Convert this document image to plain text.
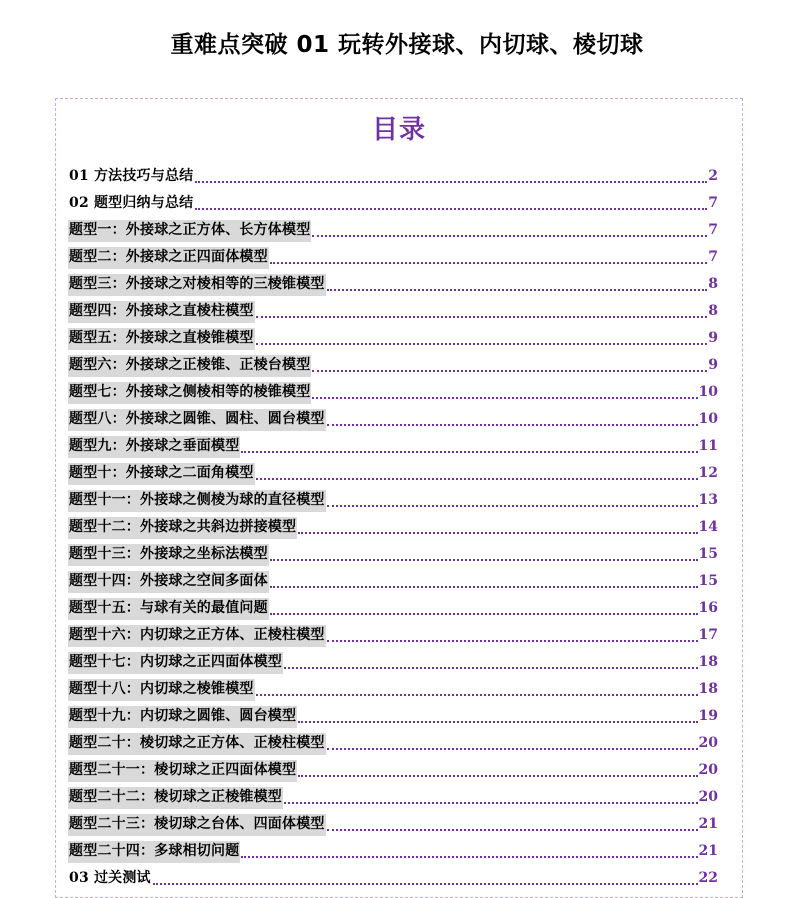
重难点突破 01 玩转外接球、内切球、棱切球
目录
01 方法技巧与总结	2
02 题型归纳与总结	7
题型一：外接球之正方体、长方体模型	7
题型二：外接球之正四面体模型	7
题型三：外接球之对棱相等的三棱锥模型	8
题型四：外接球之直棱柱模型	8
题型五：外接球之直棱锥模型	9
题型六：外接球之正棱锥、正棱台模型	9
题型七：外接球之侧棱相等的棱锥模型	10
题型八：外接球之圆锥、圆柱、圆台模型	10
题型九：外接球之垂面模型	11
题型十：外接球之二面角模型	12
题型十一：外接球之侧棱为球的直径模型	13
题型十二：外接球之共斜边拼接模型	14
题型十三：外接球之坐标法模型	15
题型十四：外接球之空间多面体	15
题型十五：与球有关的最值问题	16
题型十六：内切球之正方体、正棱柱模型	17
题型十七：内切球之正四面体模型	18
题型十八：内切球之棱锥模型	18
题型十九：内切球之圆锥、圆台模型	19
题型二十：棱切球之正方体、正棱柱模型	20
题型二十一：棱切球之正四面体模型	20
题型二十二：棱切球之正棱锥模型	20
题型二十三：棱切球之台体、四面体模型	21
题型二十四：多球相切问题	21
03 过关测试	22
